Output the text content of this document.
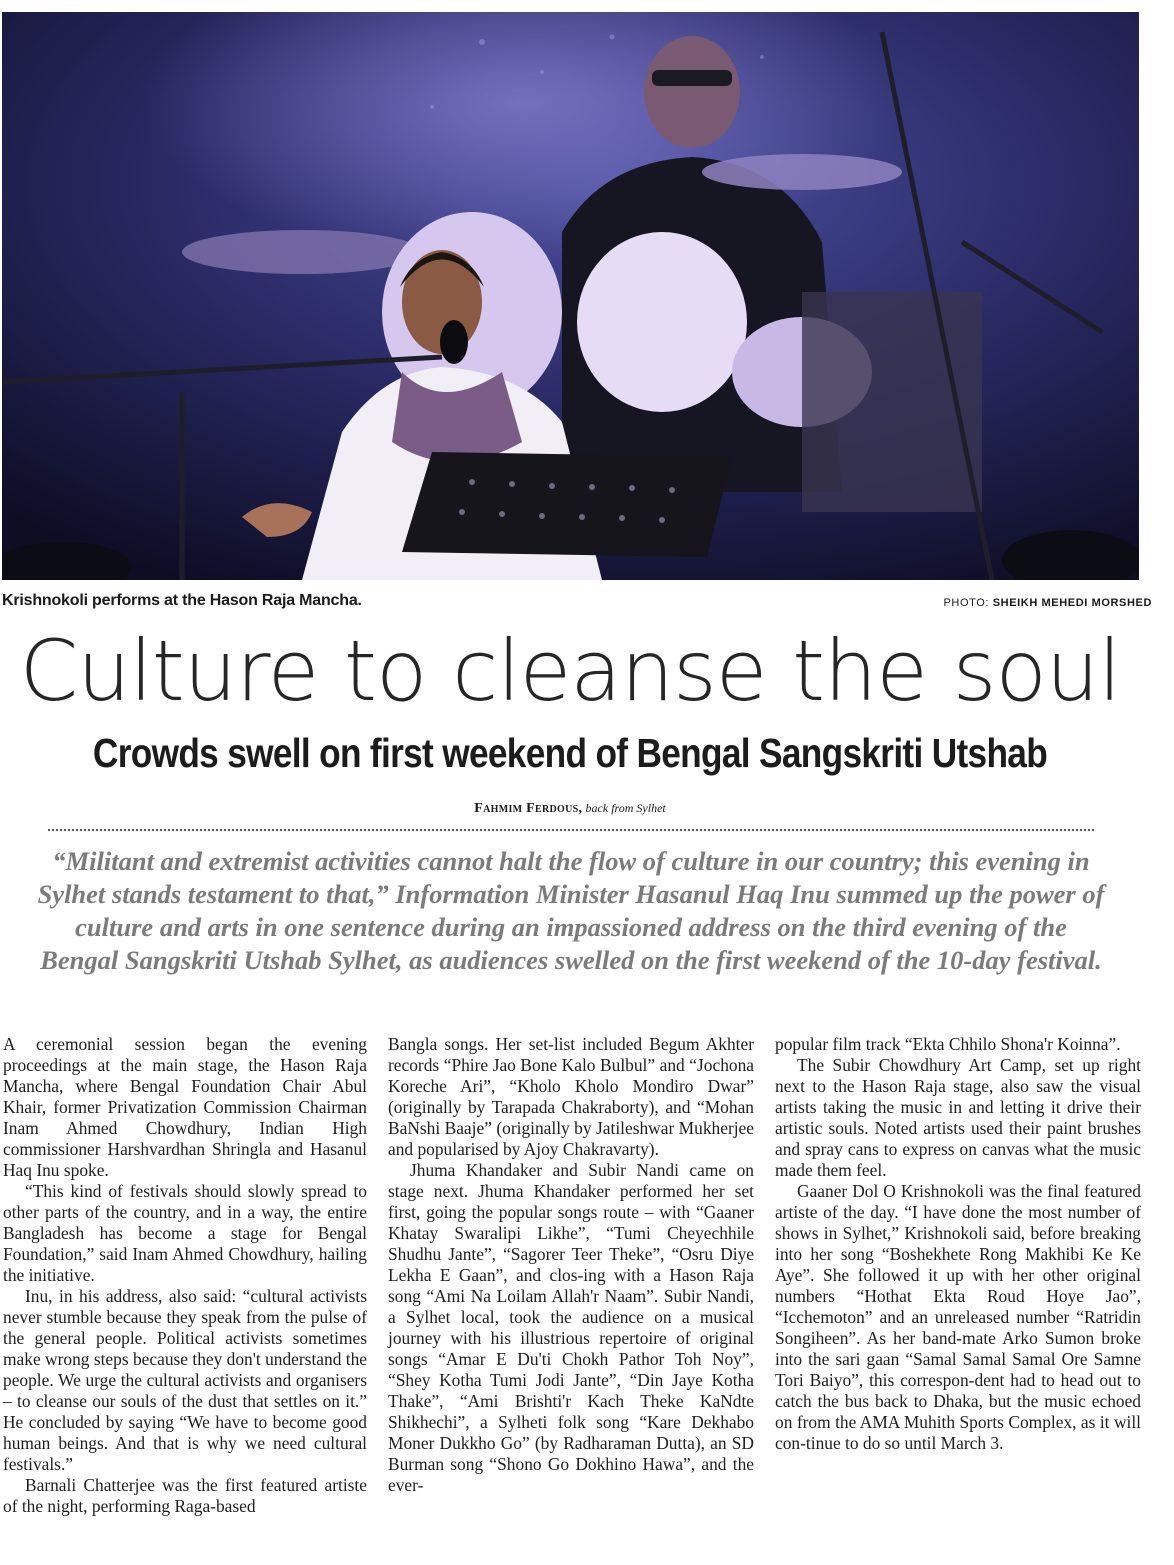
Krishnokoli performs at the Hason Raja Mancha.	PHOTO: SHEIKH MEHEDI MORSHED
Culture to cleanse the soul
Crowds swell on first weekend of Bengal Sangskriti Utshab
Fahmim Ferdous, back from Sylhet
“Militant and extremist activities cannot halt the flow of culture in our country; this evening in Sylhet stands testament to that,” Information Minister Hasanul Haq Inu summed up the power of culture and arts in one sentence during an impassioned address on the third evening of the Bengal Sangskriti Utshab Sylhet, as audiences swelled on the first weekend of the 10-day festival.

A ceremonial session began the evening proceedings at the main stage, the Hason Raja Mancha, where Bengal Foundation Chair Abul Khair, former Privatization Commission Chairman Inam Ahmed Chowdhury, Indian High commissioner Harshvardhan Shringla and Hasanul Haq Inu spoke.

“This kind of festivals should slowly spread to other parts of the country, and in a way, the entire Bangladesh has become a stage for Bengal Foundation,” said Inam Ahmed Chowdhury, hailing the initiative.

Inu, in his address, also said: “cultural activists never stumble because they speak from the pulse of the general people. Political activists sometimes make wrong steps because they don't understand the people. We urge the cultural activists and organisers – to cleanse our souls of the dust that settles on it.” He concluded by saying “We have to become good human beings. And that is why we need cultural festivals.”

Barnali Chatterjee was the first featured artiste of the night, performing Raga-based

Bangla songs. Her set-list included Begum Akhter records “Phire Jao Bone Kalo Bulbul” and “Jochona Koreche Ari”, “Kholo Kholo Mondiro Dwar” (originally by Tarapada Chakraborty), and “Mohan BaNshi Baaje” (originally by Jatileshwar Mukherjee and popularised by Ajoy Chakravarty).

Jhuma Khandaker and Subir Nandi came on stage next. Jhuma Khandaker performed her set first, going the popular songs route – with “Gaaner Khatay Swaralipi Likhe”, “Tumi Cheyechhile Shudhu Jante”, “Sagorer Teer Theke”, “Osru Diye Lekha E Gaan”, and clos-ing with a Hason Raja song “Ami Na Loilam Allah'r Naam”. Subir Nandi, a Sylhet local, took the audience on a musical journey with his illustrious repertoire of original songs “Amar E Du'ti Chokh Pathor Toh Noy”, “Shey Kotha Tumi Jodi Jante”, “Din Jaye Kotha Thake”, “Ami Brishti'r Kach Theke KaNdte Shikhechi”, a Sylheti folk song “Kare Dekhabo Moner Dukkho Go” (by Radharaman Dutta), an SD Burman song “Shono Go Dokhino Hawa”, and the ever-

popular film track “Ekta Chhilo Shona'r Koinna”.

The Subir Chowdhury Art Camp, set up right next to the Hason Raja stage, also saw the visual artists taking the music in and letting it drive their artistic souls. Noted artists used their paint brushes and spray cans to express on canvas what the music made them feel.

Gaaner Dol O Krishnokoli was the final featured artiste of the day. “I have done the most number of shows in Sylhet,” Krishnokoli said, before breaking into her song “Boshekhete Rong Makhibi Ke Ke Aye”. She followed it up with her other original numbers “Hothat Ekta Roud Hoye Jao”, “Icchemoton” and an unreleased number “Ratridin Songiheen”. As her band-mate Arko Sumon broke into the sari gaan “Samal Samal Samal Ore Samne Tori Baiyo”, this correspon-dent had to head out to catch the bus back to Dhaka, but the music echoed on from the AMA Muhith Sports Complex, as it will con-tinue to do so until March 3.
